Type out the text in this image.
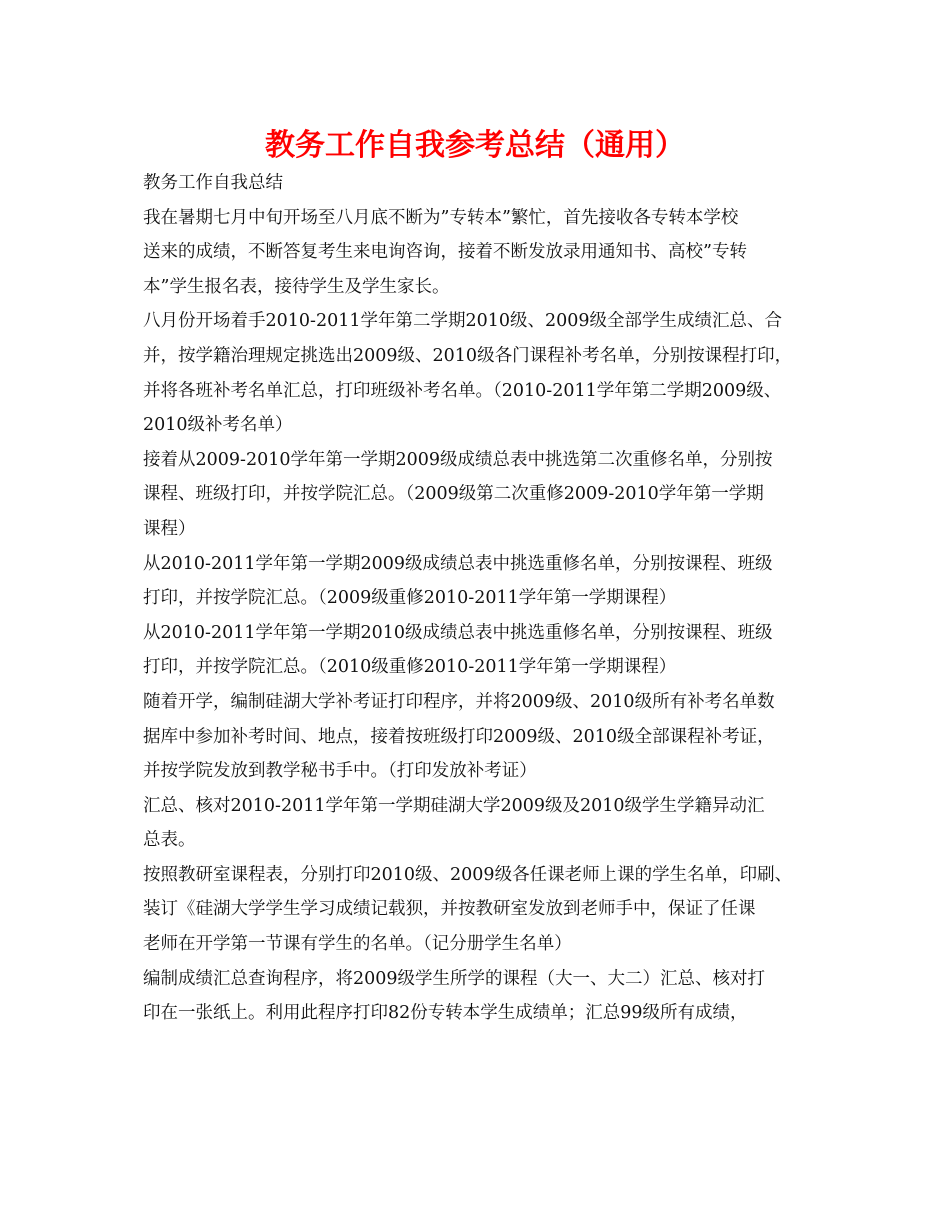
教务工作自我参考总结（通用）
教务工作自我总结
我在暑期七月中旬开场至八月底不断为”专转本”繁忙，首先接收各专转本学校
送来的成绩，不断答复考生来电询咨询，接着不断发放录用通知书、高校”专转
本”学生报名表，接待学生及学生家长。
八月份开场着手2010-2011学年第二学期2010级、2009级全部学生成绩汇总、合
并，按学籍治理规定挑选出2009级、2010级各门课程补考名单，分别按课程打印，
并将各班补考名单汇总，打印班级补考名单。（2010-2011学年第二学期2009级、
2010级补考名单）
接着从2009-2010学年第一学期2009级成绩总表中挑选第二次重修名单，分别按
课程、班级打印，并按学院汇总。（2009级第二次重修2009-2010学年第一学期
课程）
从2010-2011学年第一学期2009级成绩总表中挑选重修名单，分别按课程、班级
打印，并按学院汇总。（2009级重修2010-2011学年第一学期课程）
从2010-2011学年第一学期2010级成绩总表中挑选重修名单，分别按课程、班级
打印，并按学院汇总。（2010级重修2010-2011学年第一学期课程）
随着开学，编制硅湖大学补考证打印程序，并将2009级、2010级所有补考名单数
据库中参加补考时间、地点，接着按班级打印2009级、2010级全部课程补考证，
并按学院发放到教学秘书手中。（打印发放补考证）
汇总、核对2010-2011学年第一学期硅湖大学2009级及2010级学生学籍异动汇
总表。
按照教研室课程表，分别打印2010级、2009级各任课老师上课的学生名单，印刷、
装订《硅湖大学学生学习成绩记载狈，并按教研室发放到老师手中，保证了任课
老师在开学第一节课有学生的名单。（记分册学生名单）
编制成绩汇总查询程序，将2009级学生所学的课程（大一、大二）汇总、核对打
印在一张纸上。利用此程序打印82份专转本学生成绩单；汇总99级所有成绩，
